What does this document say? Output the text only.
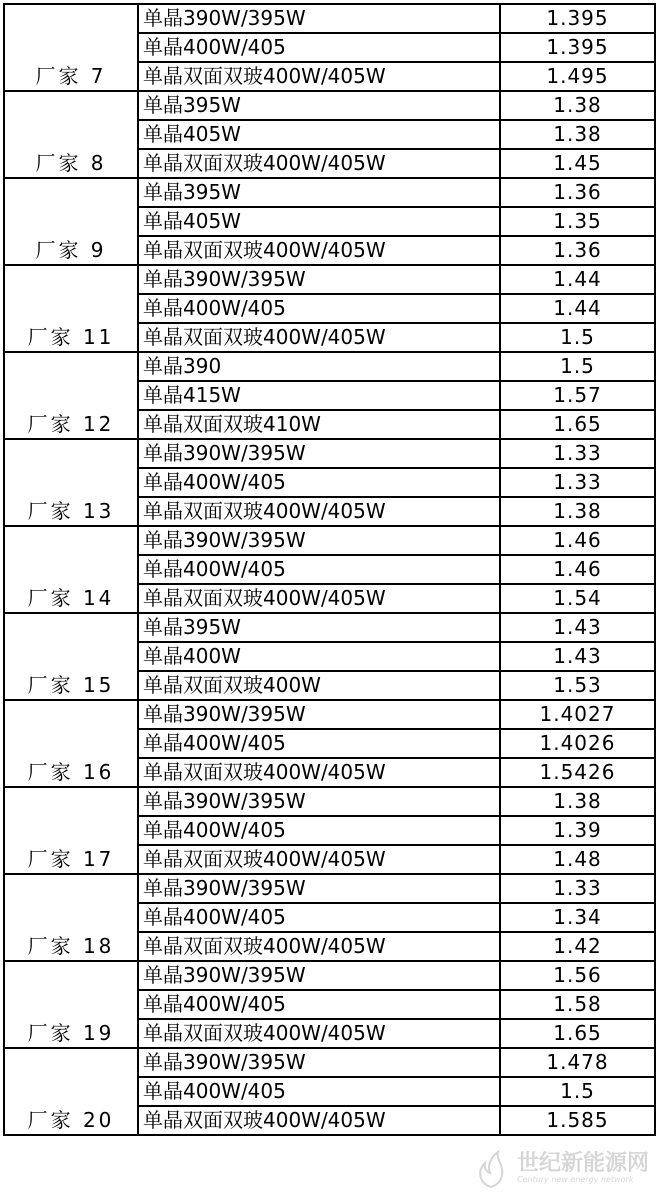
厂家 7	单晶390W/395W	1.395
	单晶400W/405	1.395
	单晶双面双玻400W/405W	1.495
厂家 8	单晶395W	1.38
	单晶405W	1.38
	单晶双面双玻400W/405W	1.45
厂家 9	单晶395W	1.36
	单晶405W	1.35
	单晶双面双玻400W/405W	1.36
厂家 11	单晶390W/395W	1.44
	单晶400W/405	1.44
	单晶双面双玻400W/405W	1.5
厂家 12	单晶390	1.5
	单晶415W	1.57
	单晶双面双玻410W	1.65
厂家 13	单晶390W/395W	1.33
	单晶400W/405	1.33
	单晶双面双玻400W/405W	1.38
厂家 14	单晶390W/395W	1.46
	单晶400W/405	1.46
	单晶双面双玻400W/405W	1.54
厂家 15	单晶395W	1.43
	单晶400W	1.43
	单晶双面双玻400W	1.53
厂家 16	单晶390W/395W	1.4027
	单晶400W/405	1.4026
	单晶双面双玻400W/405W	1.5426
厂家 17	单晶390W/395W	1.38
	单晶400W/405	1.39
	单晶双面双玻400W/405W	1.48
厂家 18	单晶390W/395W	1.33
	单晶400W/405	1.34
	单晶双面双玻400W/405W	1.42
厂家 19	单晶390W/395W	1.56
	单晶400W/405	1.58
	单晶双面双玻400W/405W	1.65
厂家 20	单晶390W/395W	1.478
	单晶400W/405	1.5
	单晶双面双玻400W/405W	1.585
世纪新能源网
Century new energy network
